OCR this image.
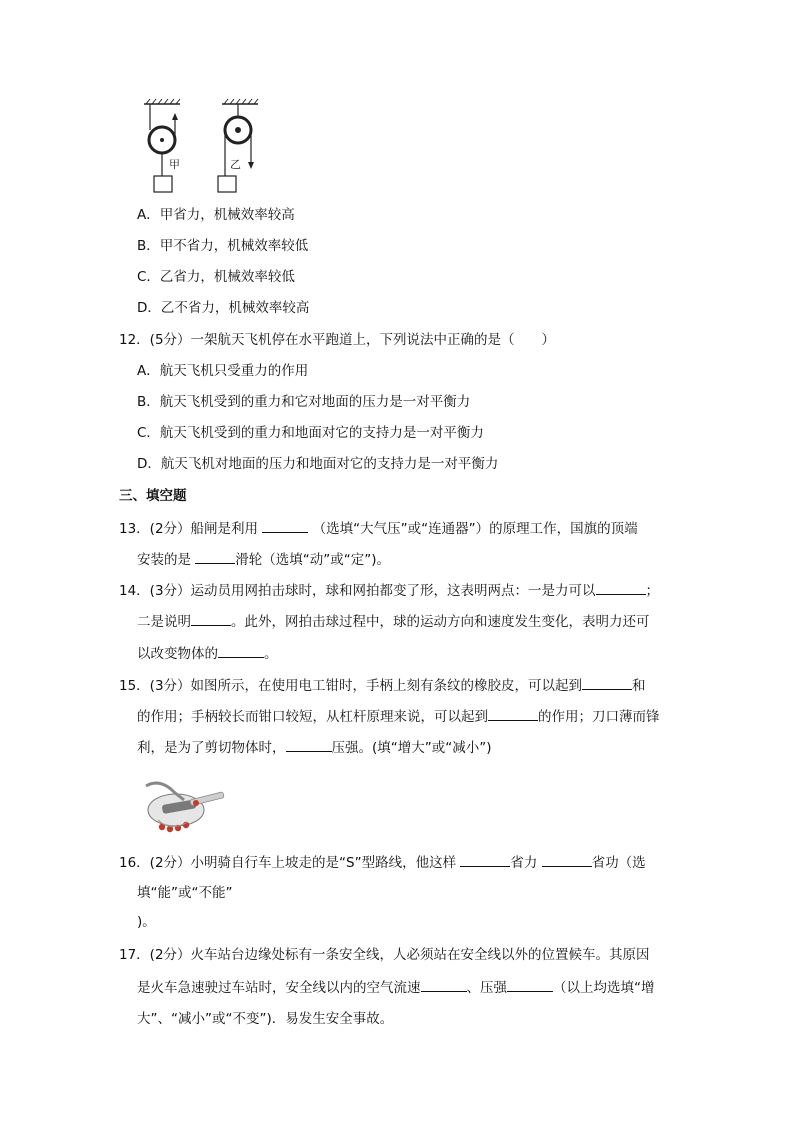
甲	乙
A．甲省力，机械效率较高
B．甲不省力，机械效率较低
C．乙省力，机械效率较低
D．乙不省力，机械效率较高
12．(5分）一架航天飞机停在水平跑道上，下列说法中正确的是（　　）
A．航天飞机只受重力的作用
B．航天飞机受到的重力和它对地面的压力是一对平衡力
C．航天飞机受到的重力和地面对它的支持力是一对平衡力
D．航天飞机对地面的压力和地面对它的支持力是一对平衡力
三、填空题
13．(2分）船闸是利用	（选填“大气压”或“连通器”）的原理工作，国旗的顶端
安装的是	滑轮（选填“动”或“定”)。
14．(3分）运动员用网拍击球时，球和网拍都变了形，这表明两点：一是力可以	；
二是说明	。此外，网拍击球过程中，球的运动方向和速度发生变化，表明力还可
以改变物体的	。
15．(3分）如图所示，在使用电工钳时，手柄上刻有条纹的橡胶皮，可以起到	和
的作用；手柄较长而钳口较短，从杠杆原理来说，可以起到	的作用；刀口薄而锋
利，是为了剪切物体时，	压强。(填“增大”或“减小”)
16．(2分）小明骑自行车上坡走的是“S”型路线，他这样	省力	省功（选
填“能”或“不能”
)。
17．(2分）火车站台边缘处标有一条安全线，人必须站在安全线以外的位置候车。其原因
是火车急速驶过车站时，安全线以内的空气流速	、压强	（以上均选填“增
大”、“减小”或“不变”)．易发生安全事故。
